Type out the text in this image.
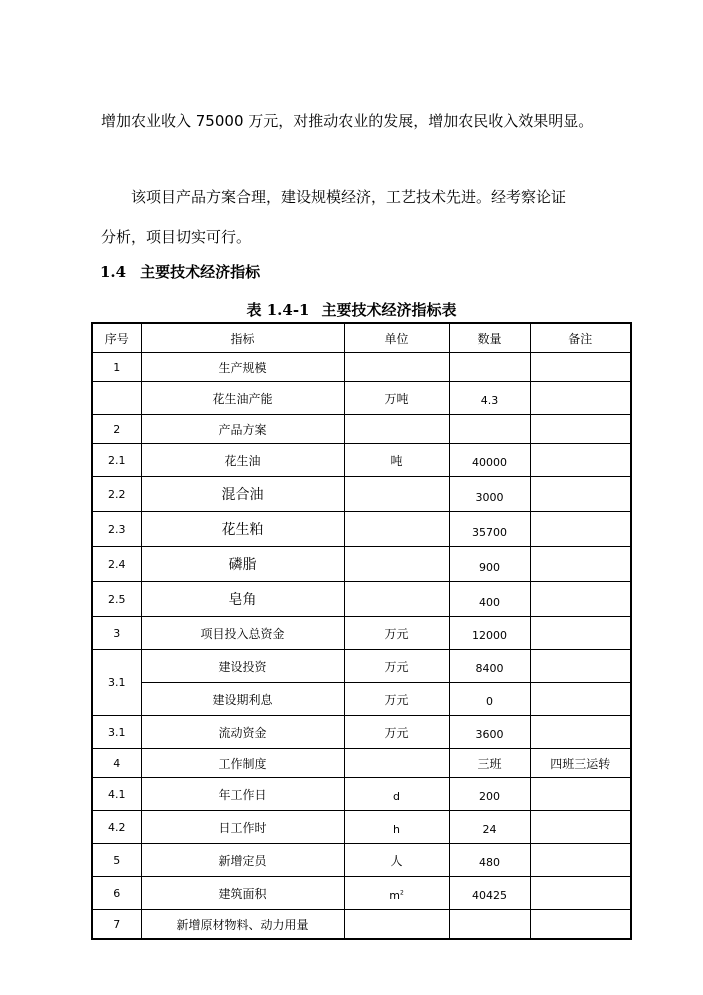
增加农业收入 75000 万元，对推动农业的发展，增加农民收入效果明显。

该项目产品方案合理，建设规模经济，工艺技术先进。经考察论证

分析，项目切实可行。

1.4 主要技术经济指标
表 1.4-1 主要技术经济指标表
序号	指标	单位	数量	备注
1	生产规模			
	花生油产能	万吨	4.3	
2	产品方案			
2.1	花生油	吨	40000	
2.2	混合油		3000	
2.3	花生粕		35700	
2.4	磷脂		900	
2.5	皂角		400	
3	项目投入总资金	万元	12000	
3.1	建设投资	万元	8400	
	建设期利息	万元	0	
3.1	流动资金	万元	3600	
4	工作制度		三班	四班三运转
4.1	年工作日	d	200	
4.2	日工作时	h	24	
5	新增定员	人	480	
6	建筑面积	$m^2$	40425	
7	新增原材物料、动力用量			
